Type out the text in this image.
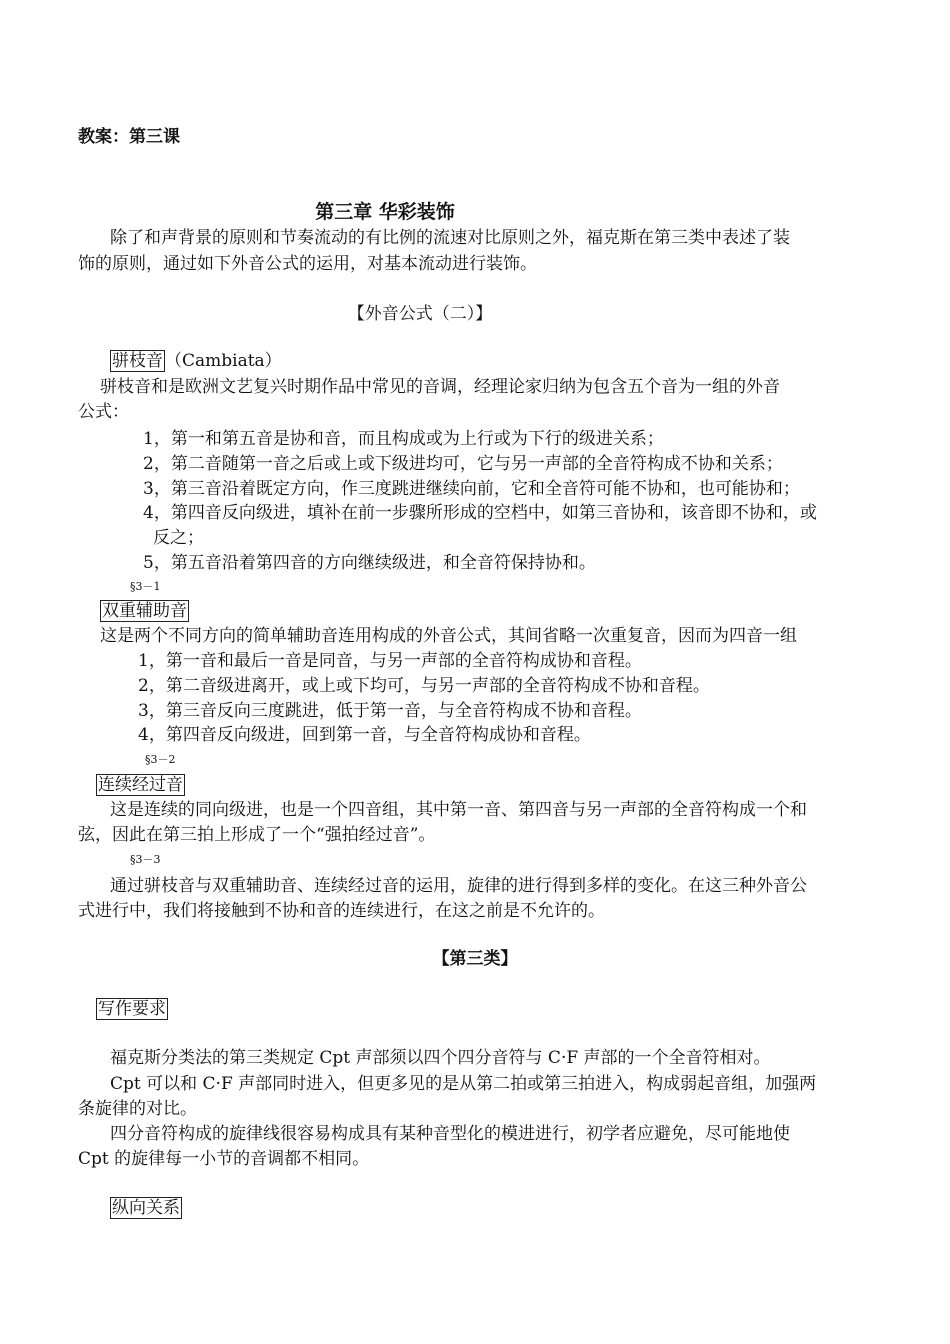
教案：第三课
第三章 华彩装饰
除了和声背景的原则和节奏流动的有比例的流速对比原则之外，福克斯在第三类中表述了装
饰的原则，通过如下外音公式的运用，对基本流动进行装饰。
【外音公式（二）】
骈枝音 （Cambiata）
骈枝音和是欧洲文艺复兴时期作品中常见的音调，经理论家归纳为包含五个音为一组的外音
公式：
1，第一和第五音是协和音，而且构成或为上行或为下行的级进关系；
2，第二音随第一音之后或上或下级进均可，它与另一声部的全音符构成不协和关系；
3，第三音沿着既定方向，作三度跳进继续向前，它和全音符可能不协和，也可能协和；
4，第四音反向级进，填补在前一步骤所形成的空档中，如第三音协和，该音即不协和，或
反之；
5，第五音沿着第四音的方向继续级进，和全音符保持协和。
§3－1
双重辅助音
这是两个不同方向的简单辅助音连用构成的外音公式，其间省略一次重复音，因而为四音一组
1，第一音和最后一音是同音，与另一声部的全音符构成协和音程。
2，第二音级进离开，或上或下均可，与另一声部的全音符构成不协和音程。
3，第三音反向三度跳进，低于第一音，与全音符构成不协和音程。
4，第四音反向级进，回到第一音，与全音符构成协和音程。
§3－2
连续经过音
这是连续的同向级进，也是一个四音组，其中第一音、第四音与另一声部的全音符构成一个和
弦，因此在第三拍上形成了一个“强拍经过音”。
§3－3
通过骈枝音与双重辅助音、连续经过音的运用，旋律的进行得到多样的变化。在这三种外音公
式进行中，我们将接触到不协和音的连续进行，在这之前是不允许的。
【第三类】
写作要求
福克斯分类法的第三类规定 Cpt 声部须以四个四分音符与 C·F 声部的一个全音符相对。
Cpt 可以和 C·F 声部同时进入，但更多见的是从第二拍或第三拍进入，构成弱起音组，加强两
条旋律的对比。
四分音符构成的旋律线很容易构成具有某种音型化的模进进行，初学者应避免，尽可能地使
Cpt 的旋律每一小节的音调都不相同。
纵向关系
